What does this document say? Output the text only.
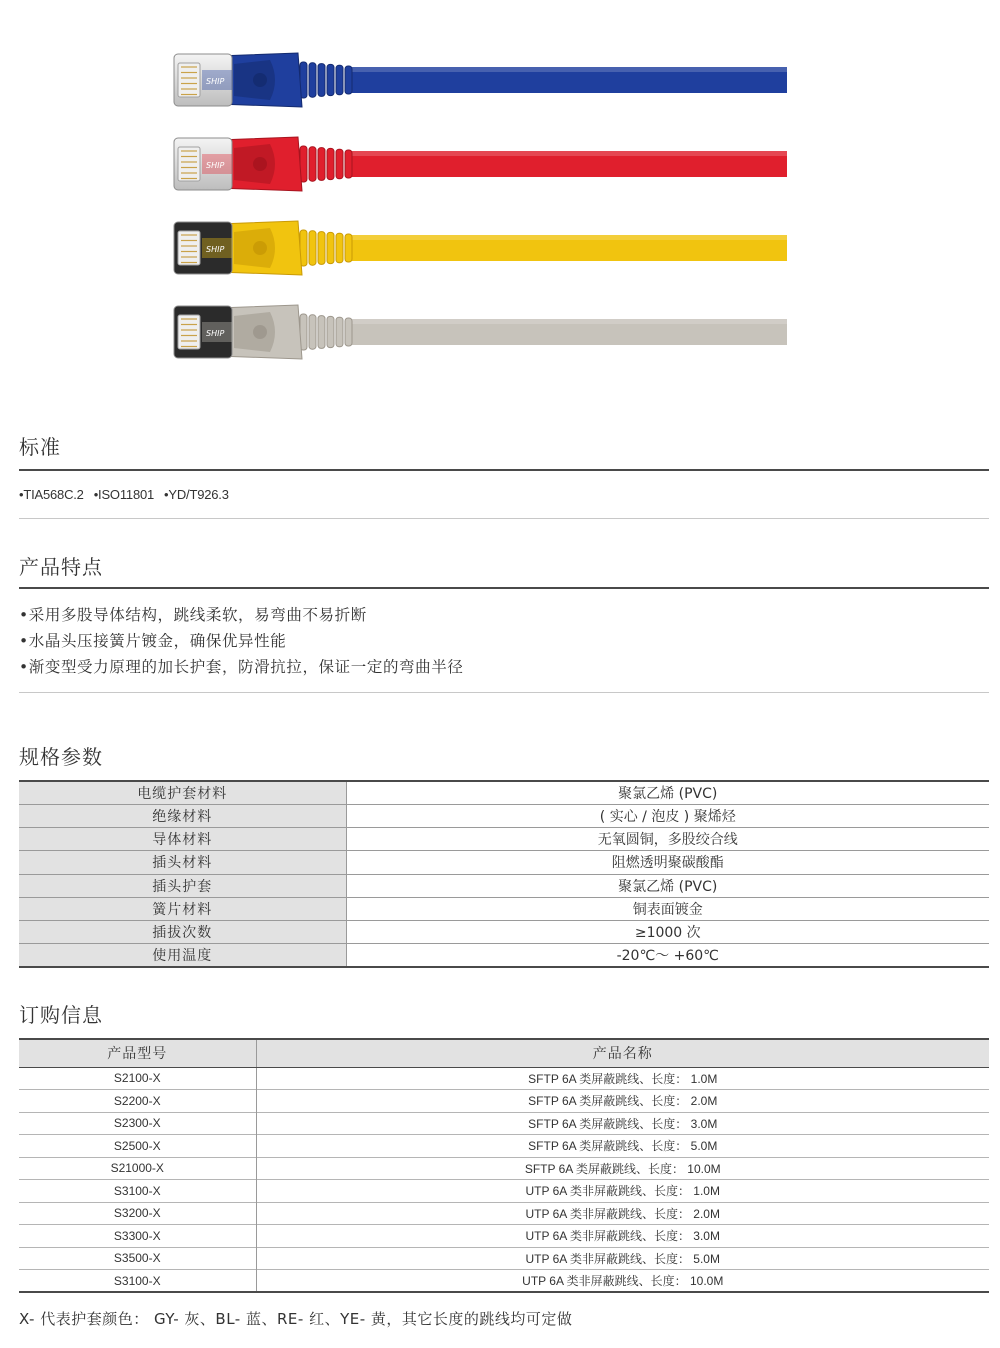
SHIP
SHIP
SHIP
SHIP
标准
•TIA568C.2 •ISO11801 •YD/T926.3
产品特点
•采用多股导体结构，跳线柔软，易弯曲不易折断
•水晶头压接簧片镀金，确保优异性能
•渐变型受力原理的加长护套，防滑抗拉，保证一定的弯曲半径
规格参数
电缆护套材料	聚氯乙烯 (PVC)
绝缘材料	( 实心 / 泡皮 ) 聚烯烃
导体材料	无氧圆铜，多股绞合线
插头材料	阻燃透明聚碳酸酯
插头护套	聚氯乙烯 (PVC)
簧片材料	铜表面镀金
插拔次数	≥1000 次
使用温度	-20℃～ +60℃
订购信息
产品型号	产品名称
S2100-X	SFTP 6A 类屏蔽跳线、长度： 1.0M
S2200-X	SFTP 6A 类屏蔽跳线、长度： 2.0M
S2300-X	SFTP 6A 类屏蔽跳线、长度： 3.0M
S2500-X	SFTP 6A 类屏蔽跳线、长度： 5.0M
S21000-X	SFTP 6A 类屏蔽跳线、长度： 10.0M
S3100-X	UTP 6A 类非屏蔽跳线、长度： 1.0M
S3200-X	UTP 6A 类非屏蔽跳线、长度： 2.0M
S3300-X	UTP 6A 类非屏蔽跳线、长度： 3.0M
S3500-X	UTP 6A 类非屏蔽跳线、长度： 5.0M
S3100-X	UTP 6A 类非屏蔽跳线、长度： 10.0M
X- 代表护套颜色： GY- 灰、BL- 蓝、RE- 红、YE- 黄，其它长度的跳线均可定做
